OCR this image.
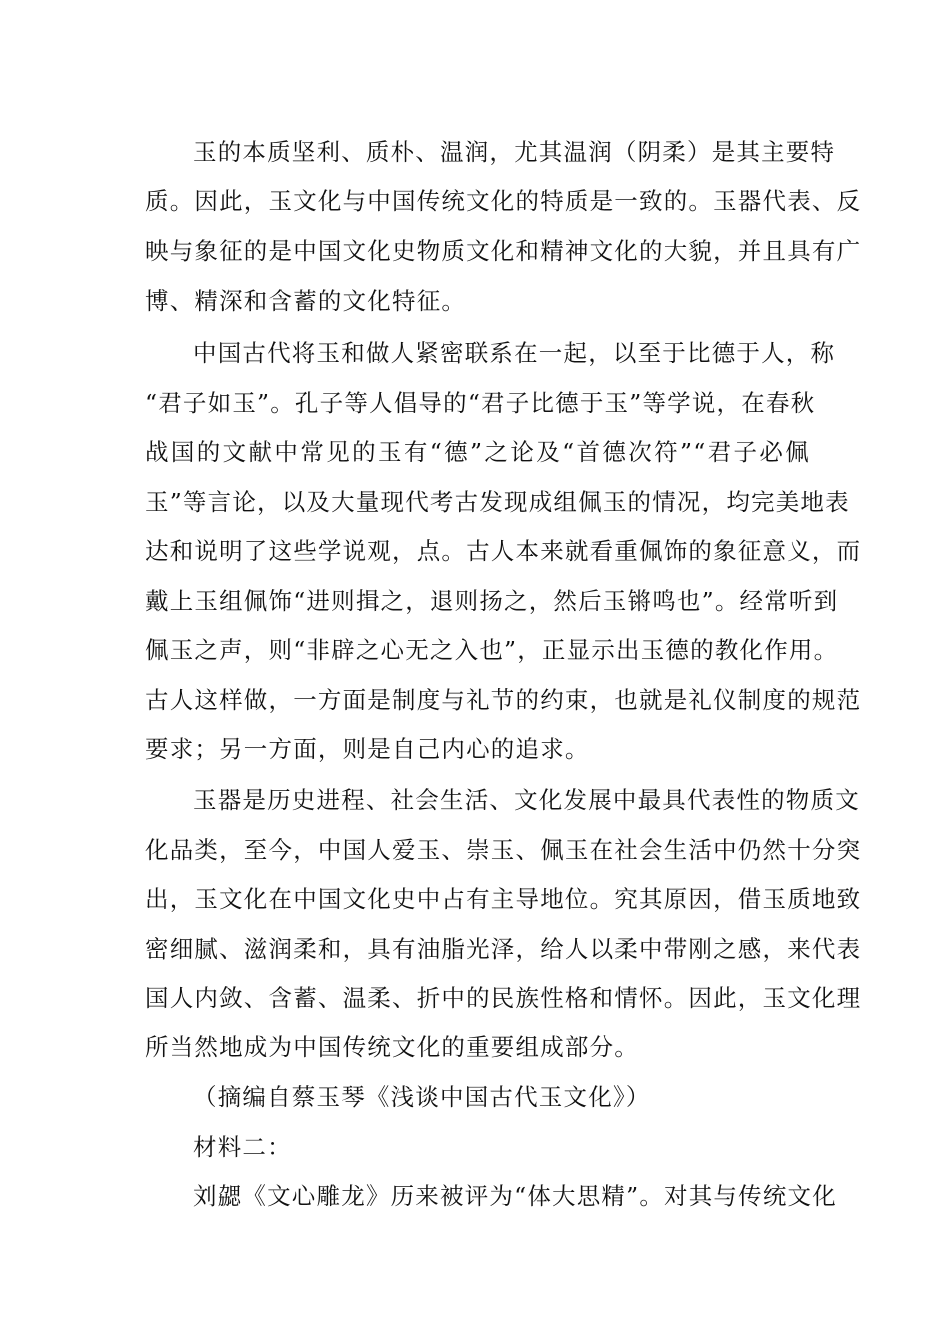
玉的本质坚利、质朴、温润，尤其温润（阴柔）是其主要特
质。因此，玉文化与中国传统文化的特质是一致的。玉器代表、反
映与象征的是中国文化史物质文化和精神文化的大貌，并且具有广
博、精深和含蓄的文化特征。
中国古代将玉和做人紧密联系在一起，以至于比德于人，称
“君子如玉”。孔子等人倡导的“君子比德于玉”等学说，在春秋
战国的文献中常见的玉有“德”之论及“首德次符”“君子必佩
玉”等言论，以及大量现代考古发现成组佩玉的情况，均完美地表
达和说明了这些学说观，点。古人本来就看重佩饰的象征意义，而
戴上玉组佩饰“进则揖之，退则扬之，然后玉锵鸣也”。经常听到
佩玉之声，则“非辟之心无之入也”，正显示出玉德的教化作用。
古人这样做，一方面是制度与礼节的约束，也就是礼仪制度的规范
要求；另一方面，则是自己内心的追求。
玉器是历史进程、社会生活、文化发展中最具代表性的物质文
化品类，至今，中国人爱玉、崇玉、佩玉在社会生活中仍然十分突
出，玉文化在中国文化史中占有主导地位。究其原因，借玉质地致
密细腻、滋润柔和，具有油脂光泽，给人以柔中带刚之感，来代表
国人内敛、含蓄、温柔、折中的民族性格和情怀。因此，玉文化理
所当然地成为中国传统文化的重要组成部分。
（摘编自蔡玉琴《浅谈中国古代玉文化》）
材料二：
刘勰《文心雕龙》历来被评为“体大思精”。对其与传统文化
